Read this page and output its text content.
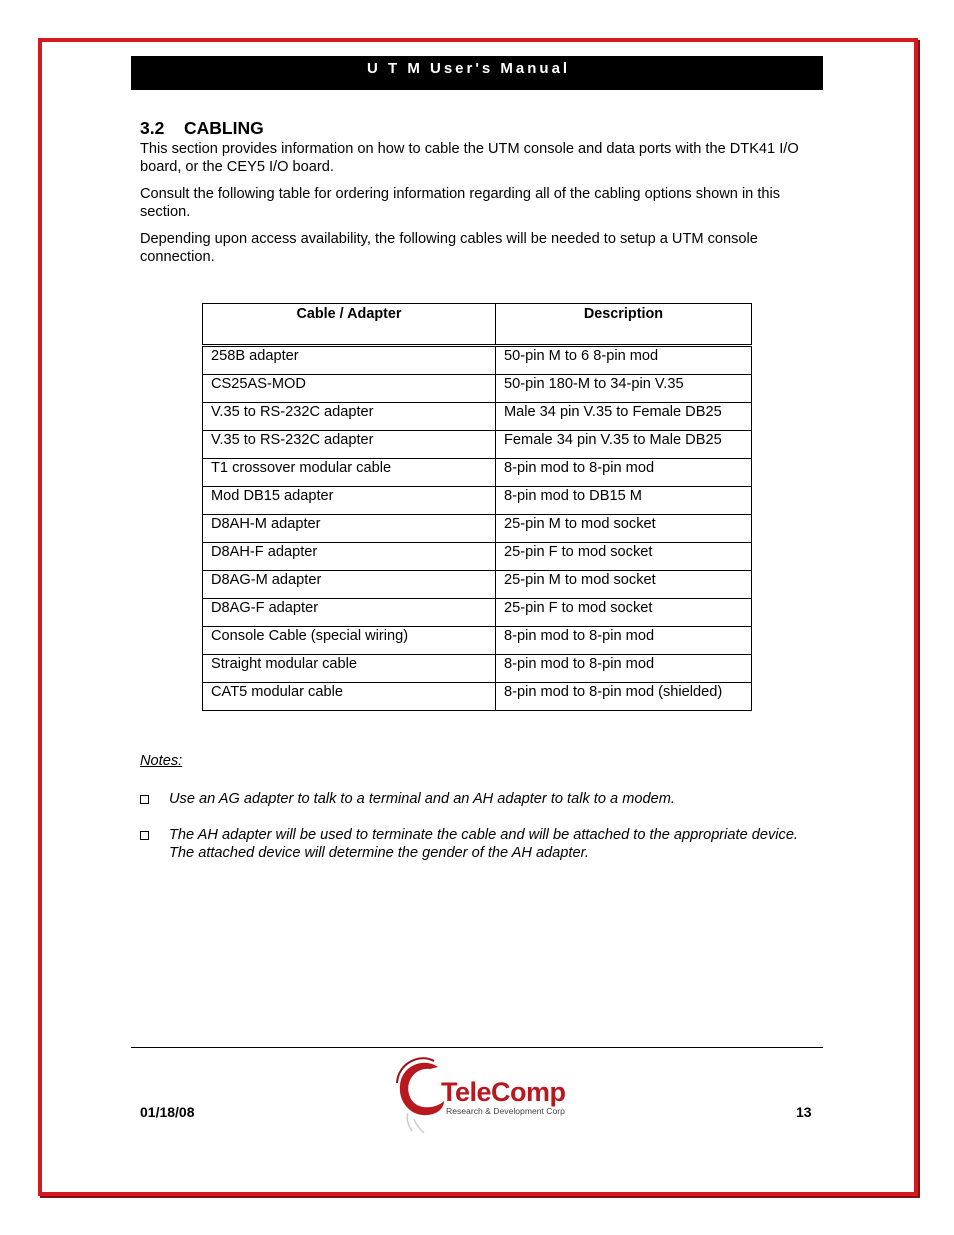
U T M User's Manual
3.2 CABLING

This section provides information on how to cable the UTM console and data ports with the DTK41 I/O board, or the CEY5 I/O board.

Consult the following table for ordering information regarding all of the cabling options shown in this section.

Depending upon access availability, the following cables will be needed to setup a UTM console connection.

Cable / Adapter	Description

258B adapter	50-pin M to 6 8-pin mod
CS25AS-MOD	50-pin 180-M to 34-pin V.35
V.35 to RS-232C adapter	Male 34 pin V.35 to Female DB25
V.35 to RS-232C adapter	Female 34 pin V.35 to Male DB25
T1 crossover modular cable	8-pin mod to 8-pin mod
Mod DB15 adapter	8-pin mod to DB15 M
D8AH-M adapter	25-pin M to mod socket
D8AH-F adapter	25-pin F to mod socket
D8AG-M adapter	25-pin M to mod socket
D8AG-F adapter	25-pin F to mod socket
Console Cable (special wiring)	8-pin mod to 8-pin mod
Straight modular cable	8-pin mod to 8-pin mod
CAT5 modular cable	8-pin mod to 8-pin mod (shielded)
Notes:
Use an AG adapter to talk to a terminal and an AH adapter to talk to a modem.
The AH adapter will be used to terminate the cable and will be attached to the appropriate device. The attached device will determine the gender of the AH adapter.
01/18/08	13
TeleComp
Research & Development Corp
